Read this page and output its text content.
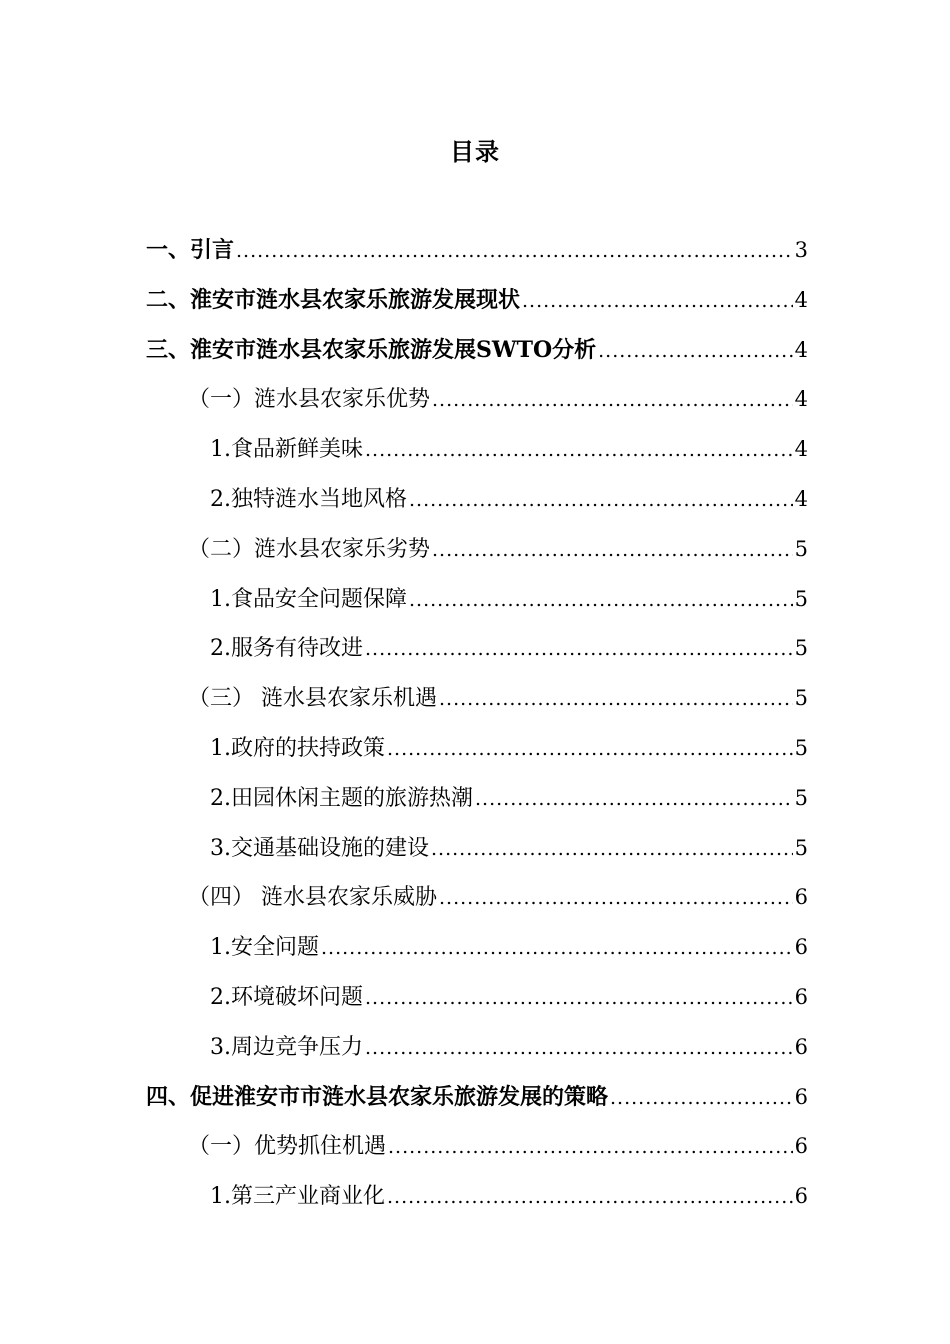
目录
一、引言 .....	3
二、淮安市涟水县农家乐旅游发展现状 .....	4
三、淮安市涟水县农家乐旅游发展SWTO分析 .....	4
（一）涟水县农家乐优势 .....	4
1.食品新鲜美味 .....	4
2.独特涟水当地风格 .....	4
（二）涟水县农家乐劣势 .....	5
1.食品安全问题保障 .....	5
2.服务有待改进 .....	5
（三） 涟水县农家乐机遇 .....	5
1.政府的扶持政策 .....	5
2.田园休闲主题的旅游热潮 .....	5
3.交通基础设施的建设 .....	5
（四） 涟水县农家乐威胁 .....	6
1.安全问题 .....	6
2.环境破坏问题 .....	6
3.周边竞争压力 .....	6
四、促进淮安市市涟水县农家乐旅游发展的策略 .....	6
（一）优势抓住机遇 .....	6
1.第三产业商业化 .....	6
